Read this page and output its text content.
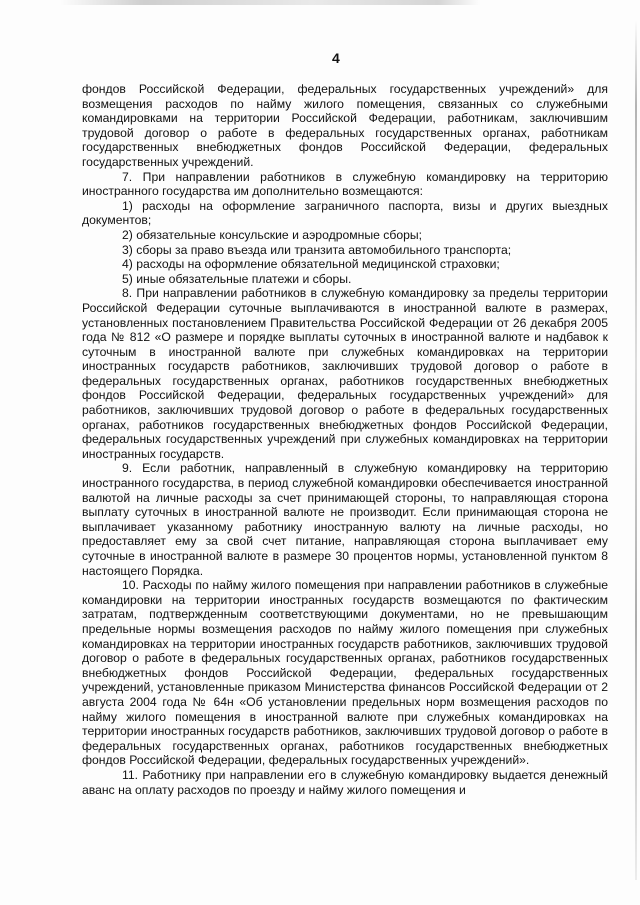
4

фондов Российской Федерации, федеральных государственных учреждений» для возмещения расходов по найму жилого помещения, связанных со служебными командировками на территории Российской Федерации, работникам, заключившим трудовой договор о работе в федеральных государственных органах, работникам государственных внебюджетных фондов Российской Федерации, федеральных государственных учреждений.

7. При направлении работников в служебную командировку на территорию иностранного государства им дополнительно возмещаются:

1) расходы на оформление заграничного паспорта, визы и других выездных документов;

2) обязательные консульские и аэродромные сборы;

3) сборы за право въезда или транзита автомобильного транспорта;

4) расходы на оформление обязательной медицинской страховки;

5) иные обязательные платежи и сборы.

8. При направлении работников в служебную командировку за пределы территории Российской Федерации суточные выплачиваются в иностранной валюте в размерах, установленных постановлением Правительства Российской Федерации от 26 декабря 2005 года № 812 «О размере и порядке выплаты суточных в иностранной валюте и надбавок к суточным в иностранной валюте при служебных командировках на территории иностранных государств работников, заключивших трудовой договор о работе в федеральных государственных органах, работников государственных внебюджетных фондов Российской Федерации, федеральных государственных учреждений» для работников, заключивших трудовой договор о работе в федеральных государственных органах, работников государственных внебюджетных фондов Российской Федерации, федеральных государственных учреждений при служебных командировках на территории иностранных государств.

9. Если работник, направленный в служебную командировку на территорию иностранного государства, в период служебной командировки обеспечивается иностранной валютой на личные расходы за счет принимающей стороны, то направляющая сторона выплату суточных в иностранной валюте не производит. Если принимающая сторона не выплачивает указанному работнику иностранную валюту на личные расходы, но предоставляет ему за свой счет питание, направляющая сторона выплачивает ему суточные в иностранной валюте в размере 30 процентов нормы, установленной пунктом 8 настоящего Порядка.

10. Расходы по найму жилого помещения при направлении работников в служебные командировки на территории иностранных государств возмещаются по фактическим затратам, подтвержденным соответствующими документами, но не превышающим предельные нормы возмещения расходов по найму жилого помещения при служебных командировках на территории иностранных государств работников, заключивших трудовой договор о работе в федеральных государственных органах, работников государственных внебюджетных фондов Российской Федерации, федеральных государственных учреждений, установленные приказом Министерства финансов Российской Федерации от 2 августа 2004 года № 64н «Об установлении предельных норм возмещения расходов по найму жилого помещения в иностранной валюте при служебных командировках на территории иностранных государств работников, заключивших трудовой договор о работе в федеральных государственных органах, работников государственных внебюджетных фондов Российской Федерации, федеральных государственных учреждений».

11. Работнику при направлении его в служебную командировку выдается денежный аванс на оплату расходов по проезду и найму жилого помещения и
